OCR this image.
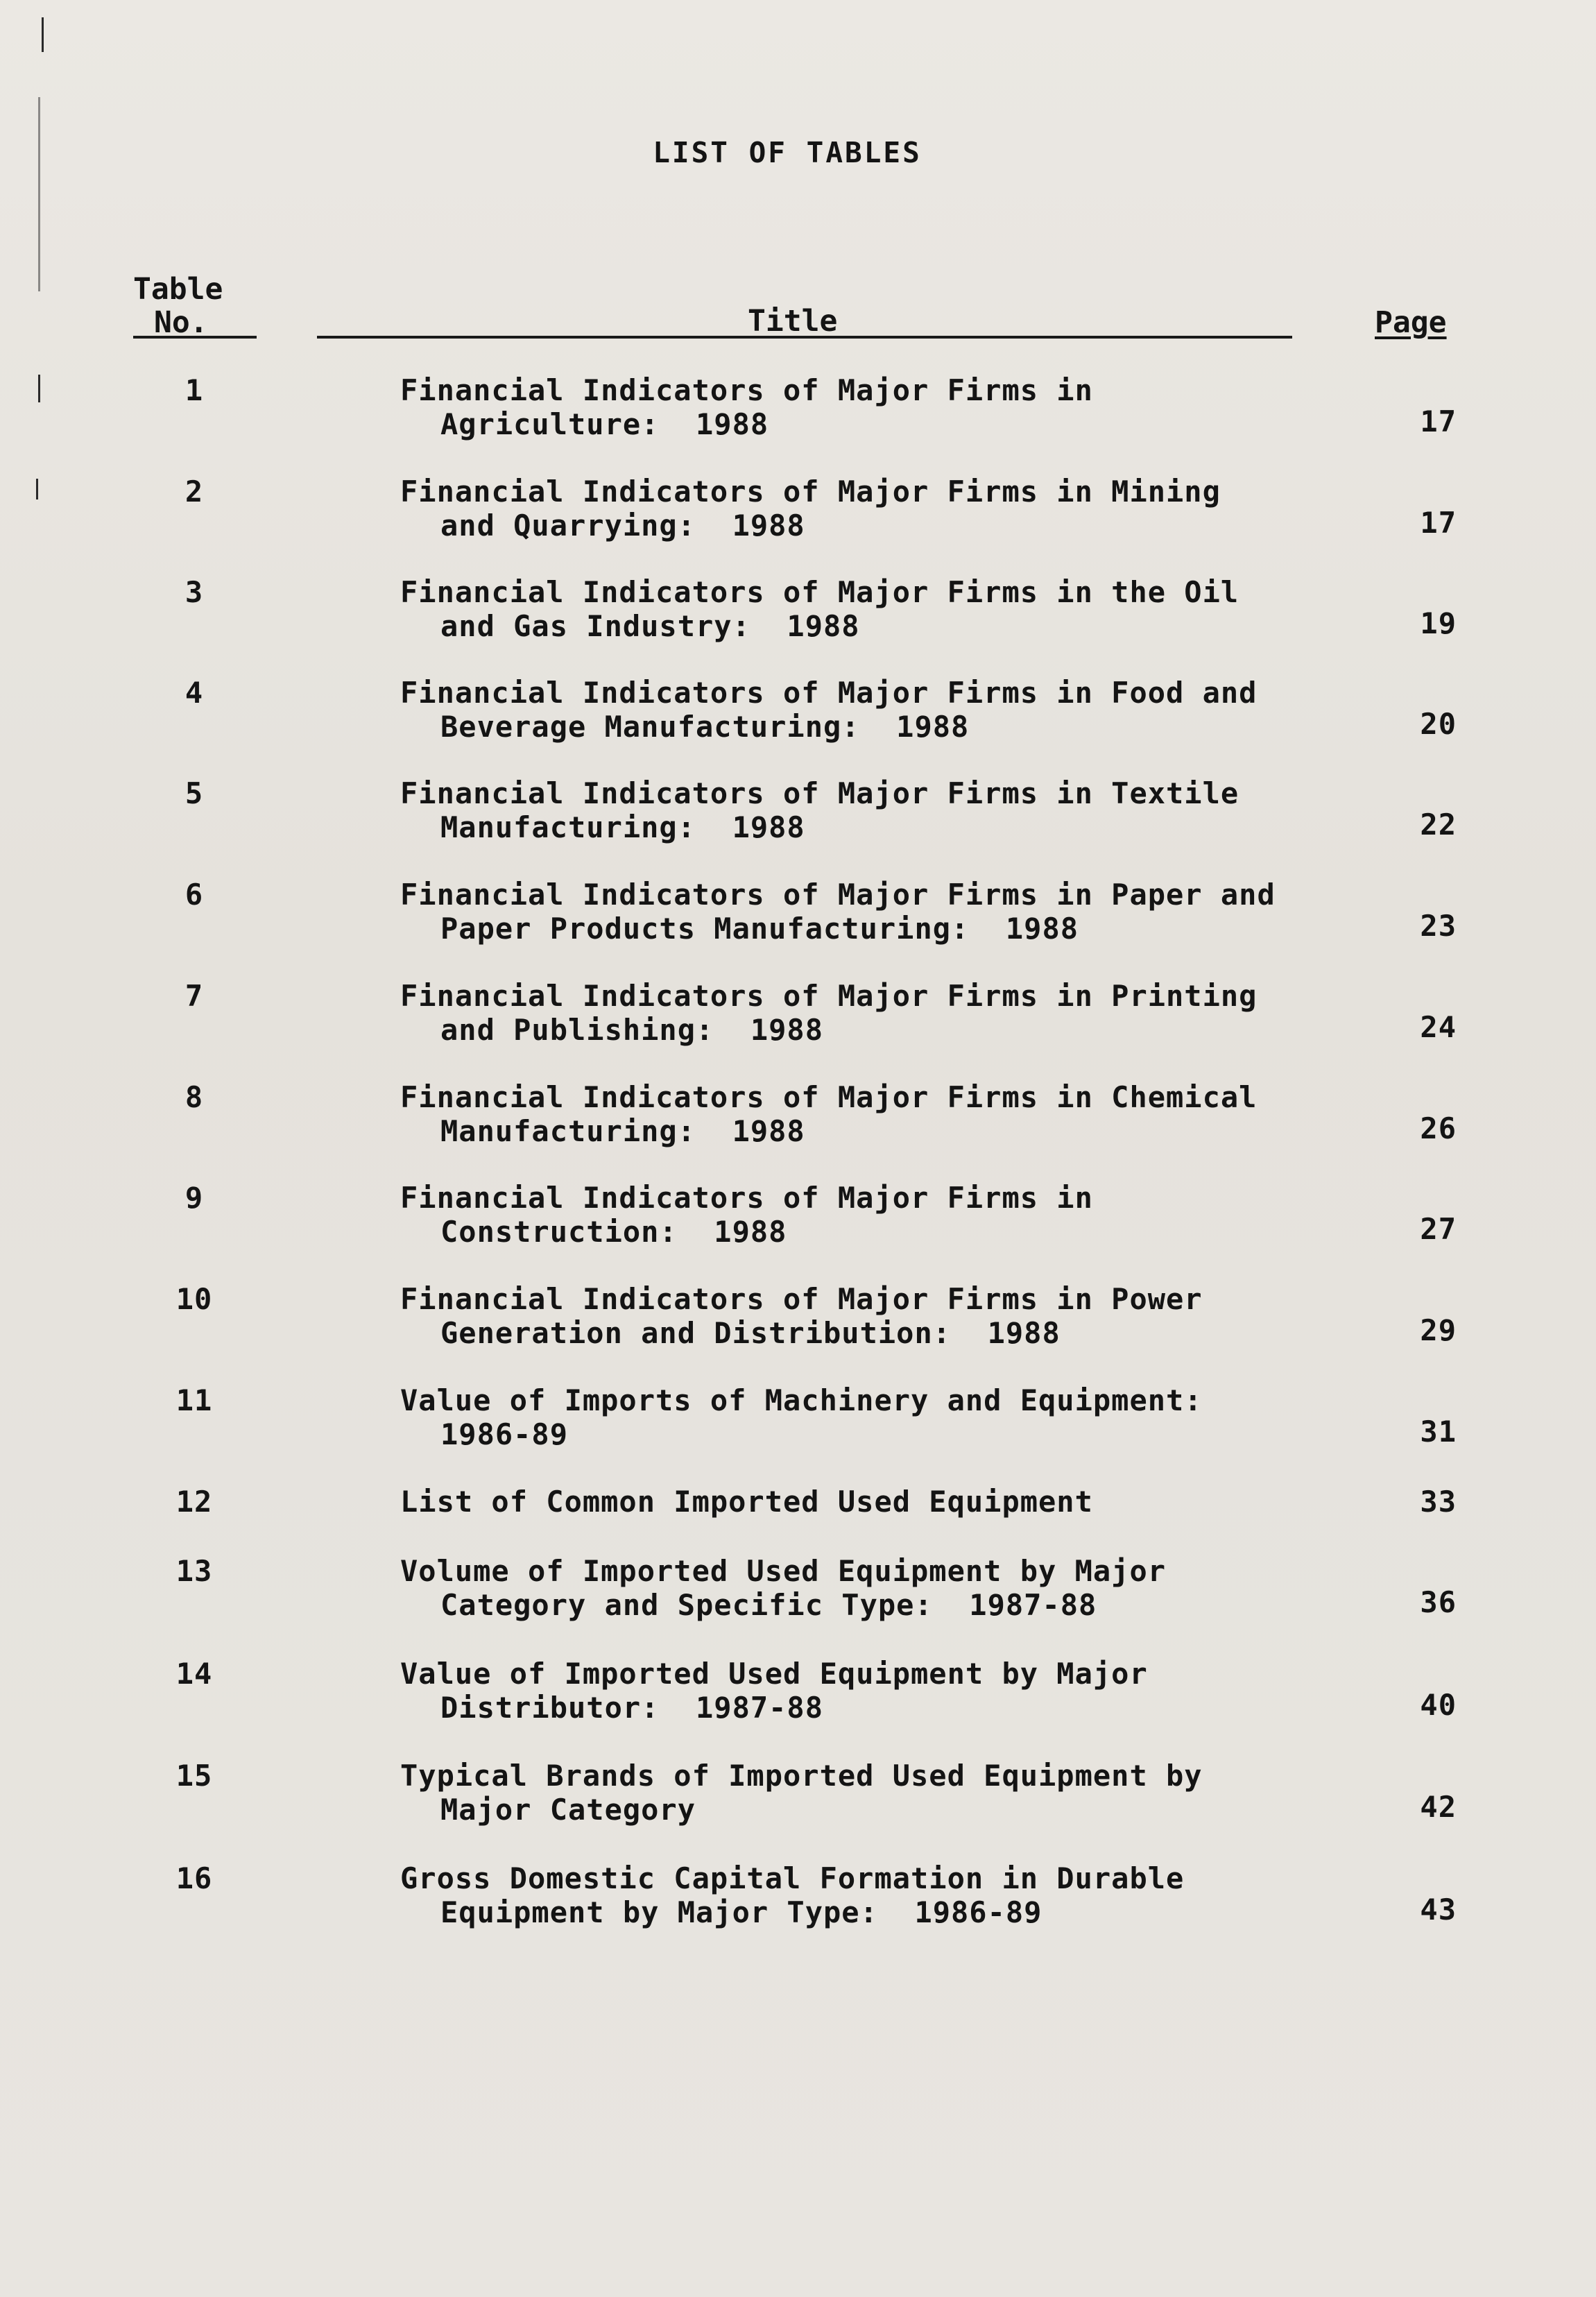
LIST OF TABLES
Table
No.	Title	Page
1	Financial Indicators of Major Firms in
Agriculture:  1988	17
2	Financial Indicators of Major Firms in Mining
and Quarrying:  1988	17
3	Financial Indicators of Major Firms in the Oil
and Gas Industry:  1988	19
4	Financial Indicators of Major Firms in Food and
Beverage Manufacturing:  1988	20
5	Financial Indicators of Major Firms in Textile
Manufacturing:  1988	22
6	Financial Indicators of Major Firms in Paper and
Paper Products Manufacturing:  1988	23
7	Financial Indicators of Major Firms in Printing
and Publishing:  1988	24
8	Financial Indicators of Major Firms in Chemical
Manufacturing:  1988	26
9	Financial Indicators of Major Firms in
Construction:  1988	27
10	Financial Indicators of Major Firms in Power
Generation and Distribution:  1988	29
11	Value of Imports of Machinery and Equipment:
1986-89	31
12	List of Common Imported Used Equipment	33
13	Volume of Imported Used Equipment by Major
Category and Specific Type:  1987-88	36
14	Value of Imported Used Equipment by Major
Distributor:  1987-88	40
15	Typical Brands of Imported Used Equipment by
Major Category	42
16	Gross Domestic Capital Formation in Durable
Equipment by Major Type:  1986-89	43
